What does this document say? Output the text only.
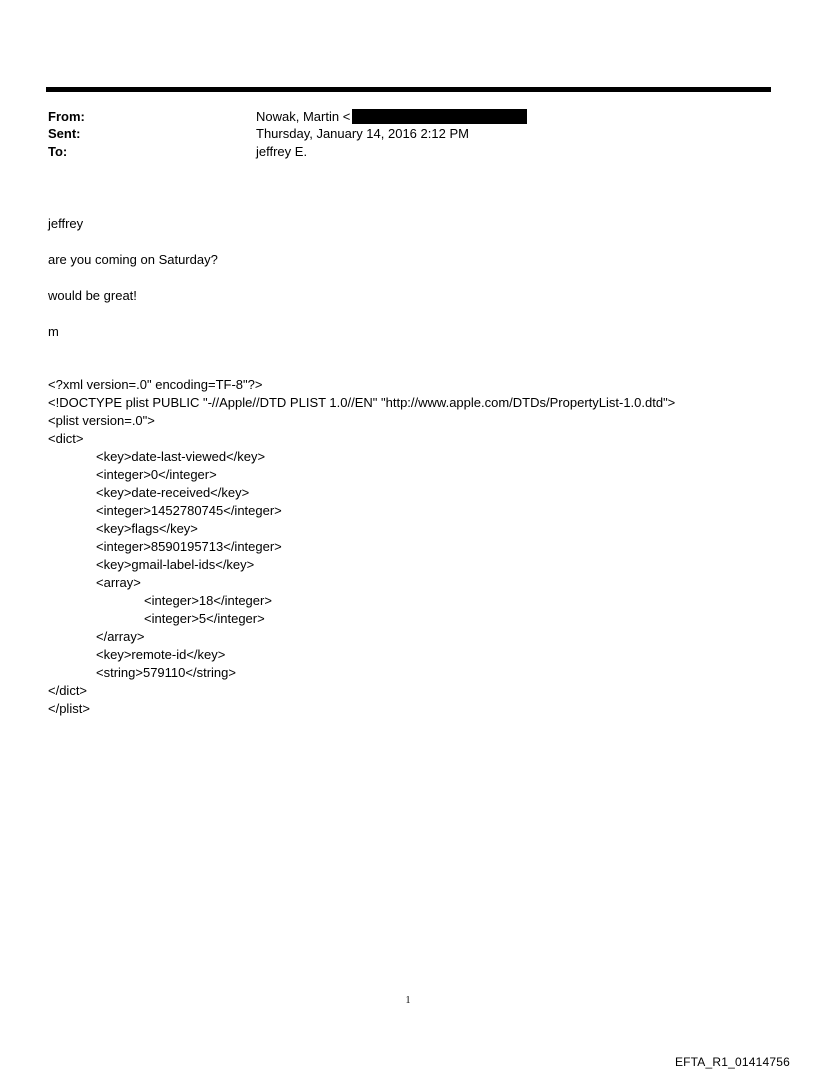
From:	Nowak, Martin <
Sent:	Thursday, January 14, 2016 2:12 PM
To:	jeffrey E.
jeffrey
are you coming on Saturday?
would be great!
m
<?xml version=.0" encoding=TF-8"?>
<!DOCTYPE plist PUBLIC "-//Apple//DTD PLIST 1.0//EN" "http://www.apple.com/DTDs/PropertyList-1.0.dtd">
<plist version=.0">
<dict>
<key>date-last-viewed</key>
<integer>0</integer>
<key>date-received</key>
<integer>1452780745</integer>
<key>flags</key>
<integer>8590195713</integer>
<key>gmail-label-ids</key>
<array>
<integer>18</integer>
<integer>5</integer>
</array>
<key>remote-id</key>
<string>579110</string>
</dict>
</plist>
1
EFTA_R1_01414756
